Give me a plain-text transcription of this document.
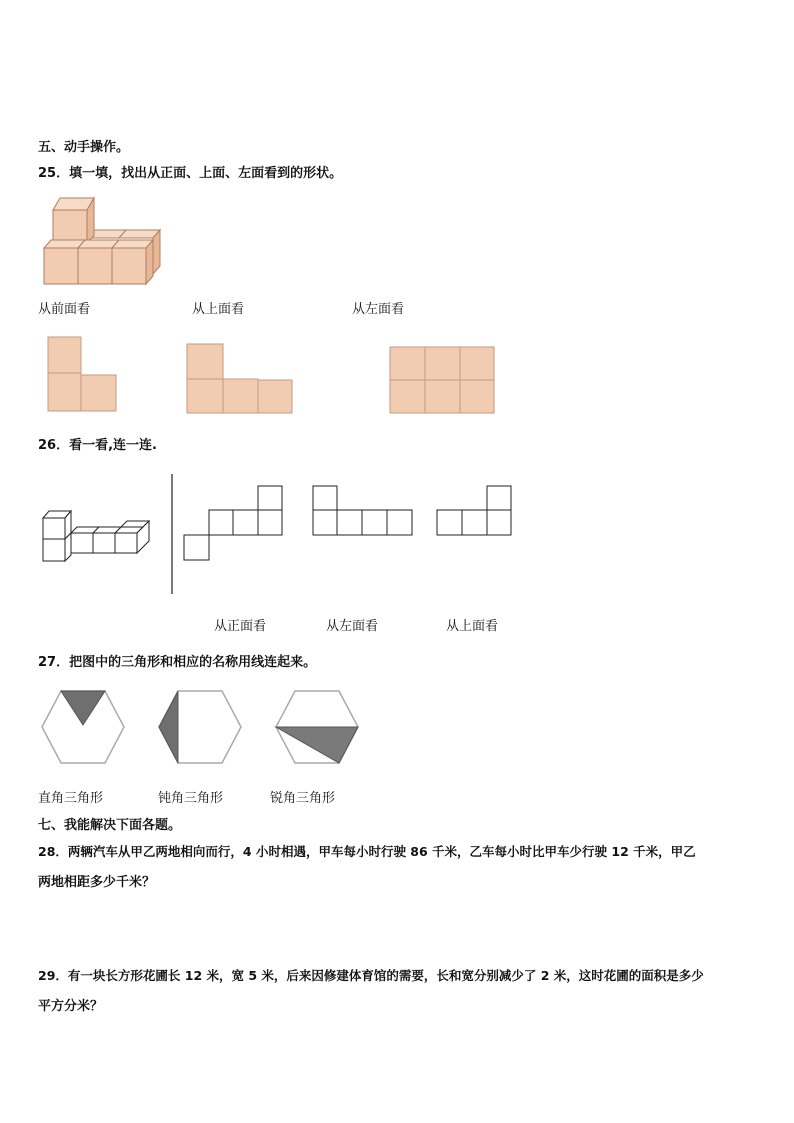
五、动手操作。
25．填一填，找出从正面、上面、左面看到的形状。
从前面看	从上面看	从左面看
26．看一看,连一连.
从正面看	从左面看	从上面看
27．把图中的三角形和相应的名称用线连起来。
直角三角形	钝角三角形	锐角三角形
七、我能解决下面各题。
28．两辆汽车从甲乙两地相向而行，4 小时相遇，甲车每小时行驶 86 千米，乙车每小时比甲车少行驶 12 千米，甲乙
两地相距多少千米？
29．有一块长方形花圃长 12 米，宽 5 米，后来因修建体育馆的需要，长和宽分别减少了 2 米，这时花圃的面积是多少
平方分米？
